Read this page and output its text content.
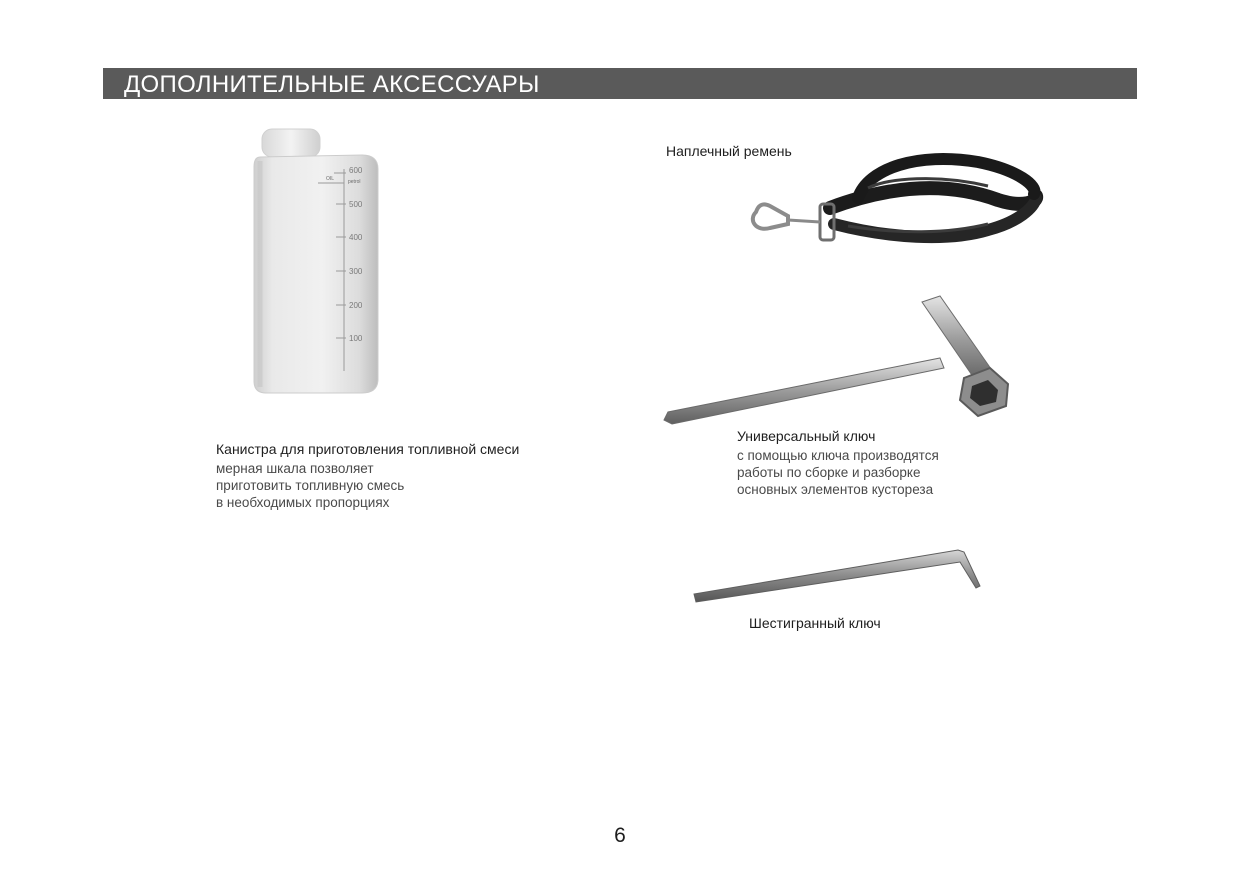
ДОПОЛНИТЕЛЬНЫЕ АКСЕССУАРЫ
OIL	petrol
600
500
400
300
200
100
Канистра для приготовления топливной смеси
мерная шкала позволяет
приготовить топливную смесь
в необходимых пропорциях
Наплечный ремень
Универсальный ключ
с помощью ключа производятся
работы по сборке и разборке
основных элементов кустореза
Шестигранный ключ
6
